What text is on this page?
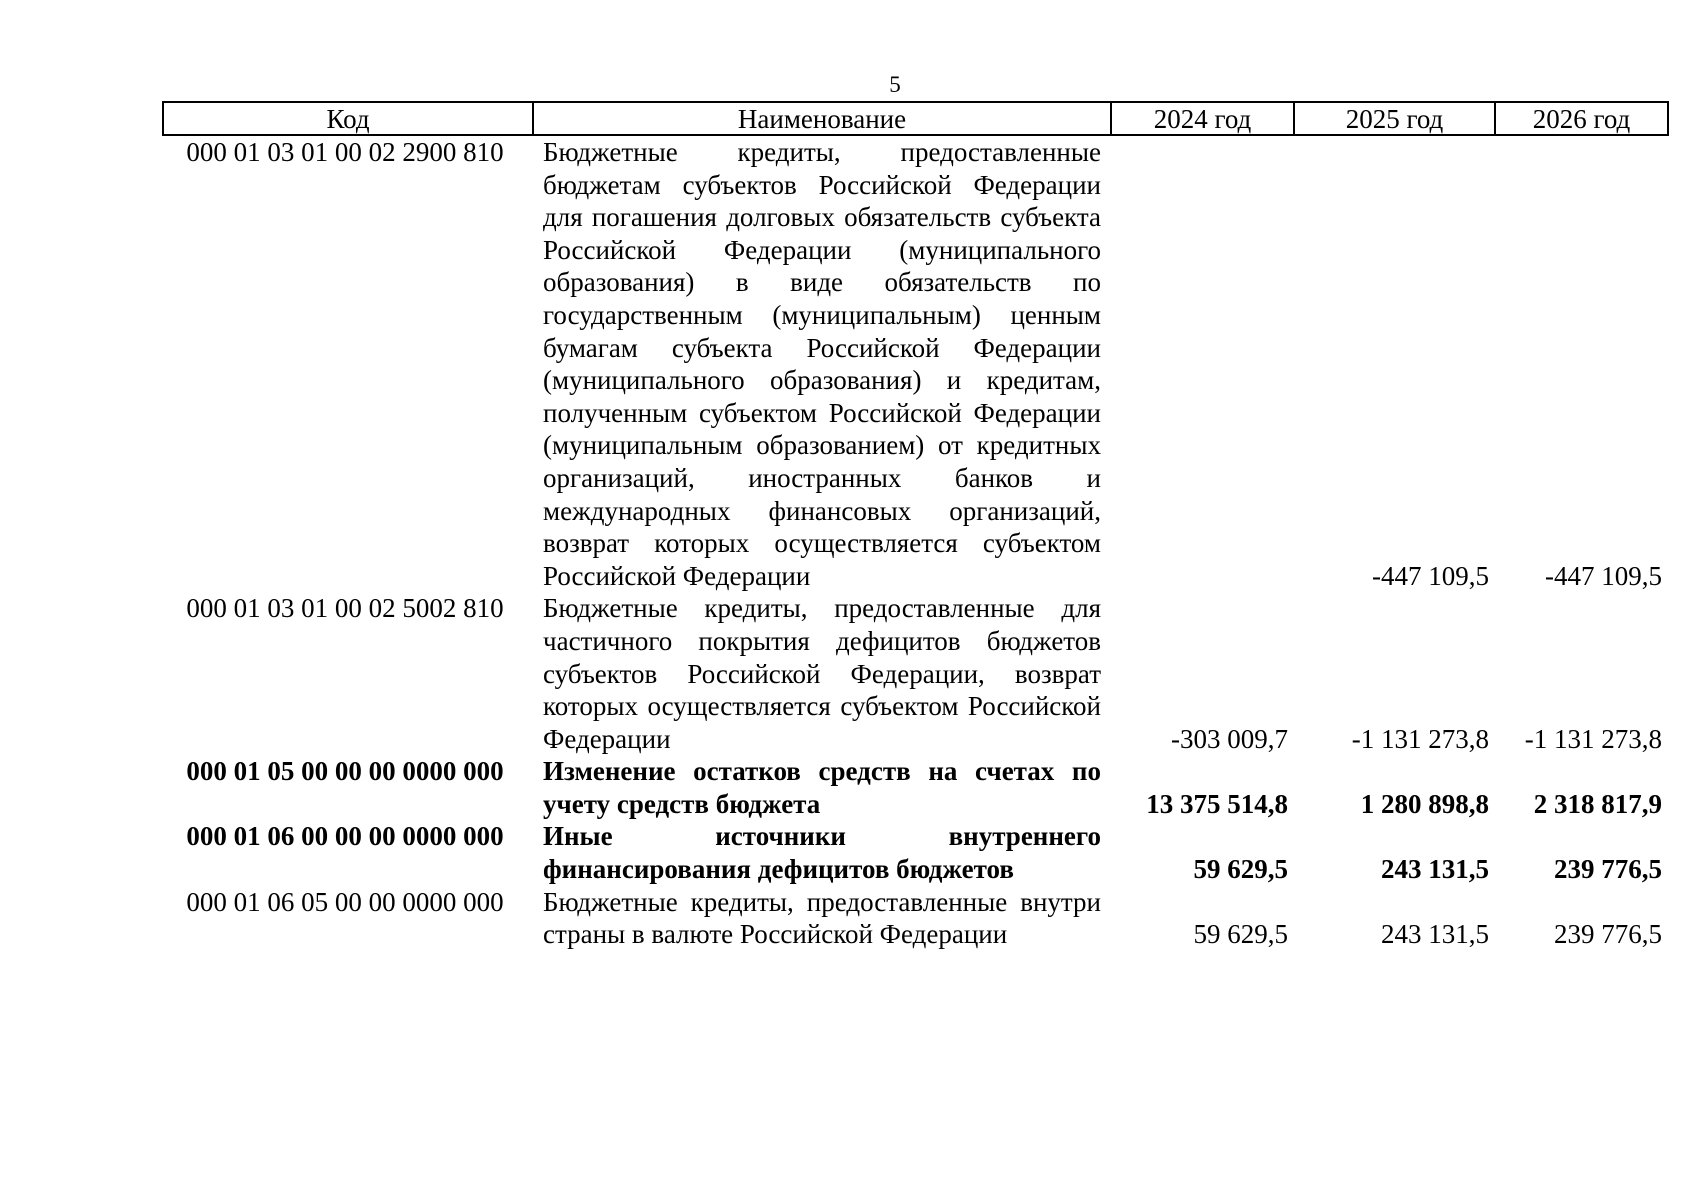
5
Код	Наименование	2024 год	2025 год	2026 год
000 01 03 01 00 02 2900 810	Бюджетные кредиты, предоставленные бюджетам субъектов Российской Федерации для погашения долговых обязательств субъекта Российской Федерации (муниципального образования) в виде обязательств по государственным (муниципальным) ценным бумагам субъекта Российской Федерации (муниципального образования) и кредитам, полученным субъектом Российской Федерации (муниципальным образованием) от кредитных организаций, иностранных банков и международных финансовых организаций, возврат которых осуществляется субъектом Российской Федерации		-447 109,5	-447 109,5
000 01 03 01 00 02 5002 810	Бюджетные кредиты, предоставленные для частичного покрытия дефицитов бюджетов субъектов Российской Федерации, возврат которых осуществляется субъектом Российской Федерации	-303 009,7	-1 131 273,8	-1 131 273,8
000 01 05 00 00 00 0000 000	Изменение остатков средств на счетах по учету средств бюджета	13 375 514,8	1 280 898,8	2 318 817,9
000 01 06 00 00 00 0000 000	Иные источники внутреннего финансирования дефицитов бюджетов	59 629,5	243 131,5	239 776,5
000 01 06 05 00 00 0000 000	Бюджетные кредиты, предоставленные внутри страны в валюте Российской Федерации	59 629,5	243 131,5	239 776,5
